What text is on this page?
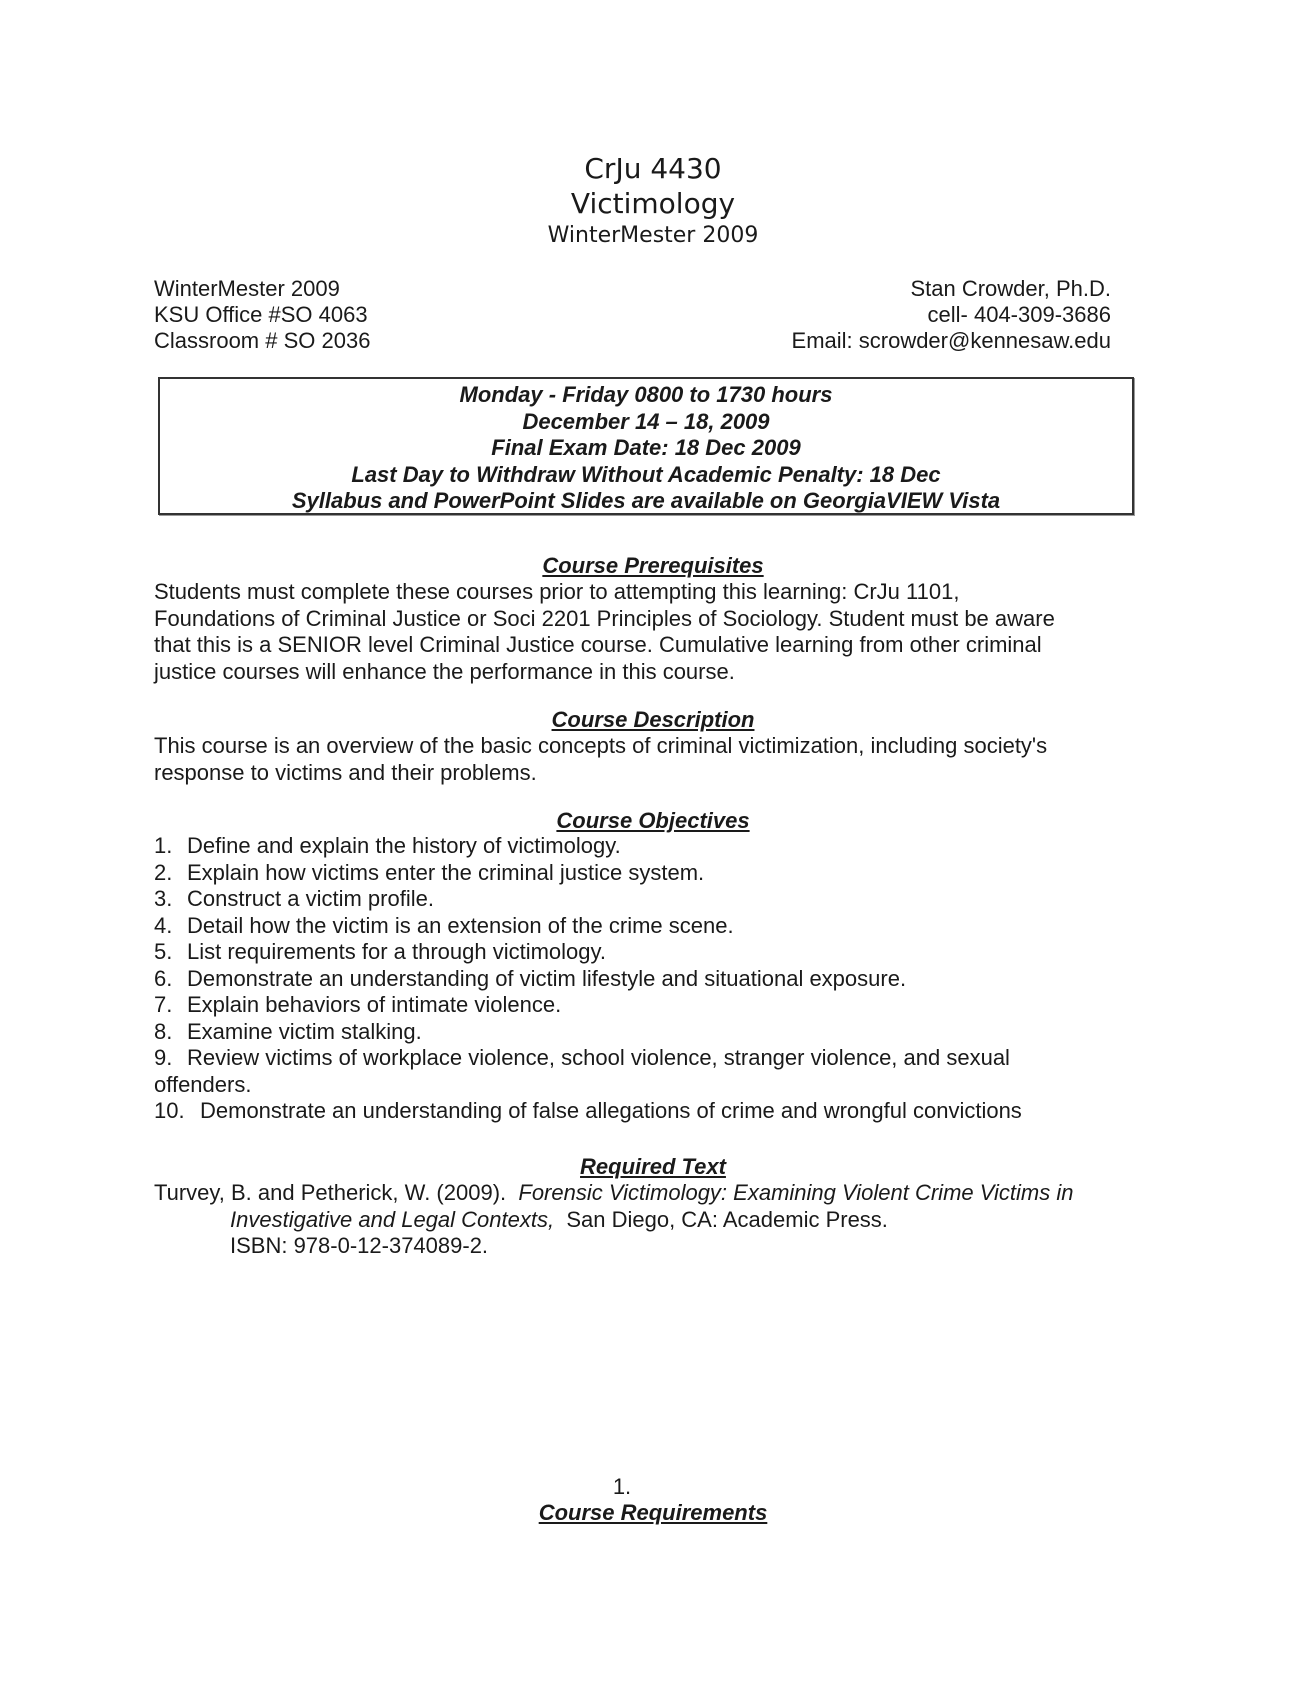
CrJu 4430
Victimology
WinterMester 2009
WinterMester 2009
KSU Office #SO 4063
Classroom # SO 2036
Stan Crowder, Ph.D.
cell- 404-309-3686
Email: scrowder@kennesaw.edu
Monday - Friday 0800 to 1730 hours
December 14 – 18, 2009
Final Exam Date: 18 Dec 2009
Last Day to Withdraw Without Academic Penalty: 18 Dec
Syllabus and PowerPoint Slides are available on GeorgiaVIEW Vista
Course Prerequisites
Students must complete these courses prior to attempting this learning: CrJu 1101,
Foundations of Criminal Justice or Soci 2201 Principles of Sociology. Student must be aware
that this is a SENIOR level Criminal Justice course. Cumulative learning from other criminal
justice courses will enhance the performance in this course.
Course Description
This course is an overview of the basic concepts of criminal victimization, including society's
response to victims and their problems.
Course Objectives
1. Define and explain the history of victimology.
2. Explain how victims enter the criminal justice system.
3. Construct a victim profile.
4. Detail how the victim is an extension of the crime scene.
5. List requirements for a through victimology.
6. Demonstrate an understanding of victim lifestyle and situational exposure.
7. Explain behaviors of intimate violence.
8. Examine victim stalking.
9. Review victims of workplace violence, school violence, stranger violence, and sexual
offenders.
10. Demonstrate an understanding of false allegations of crime and wrongful convictions
Required Text
Turvey, B. and Petherick, W. (2009). Forensic Victimology: Examining Violent Crime Victims in
Investigative and Legal Contexts, San Diego, CA: Academic Press.
ISBN: 978-0-12-374089-2.
1.
Course Requirements
